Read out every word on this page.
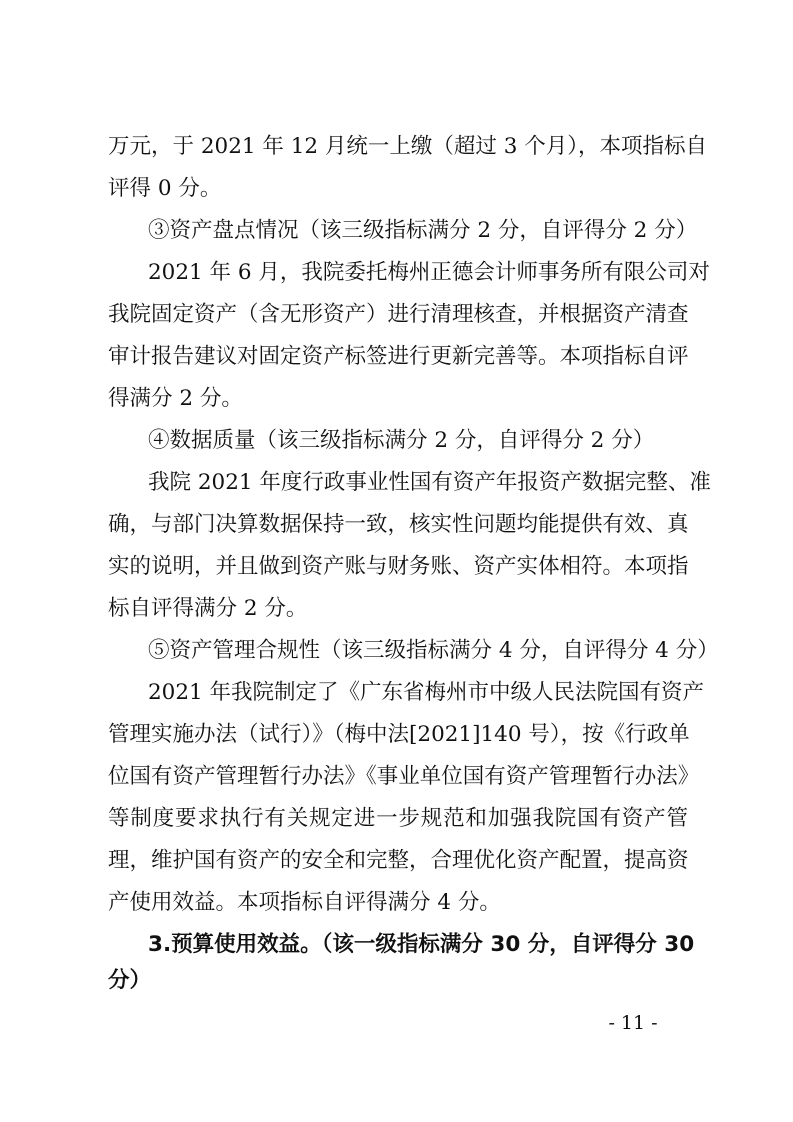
万元，于 2021 年 12 月统一上缴（超过 3 个月），本项指标自
评得 0 分。
③资产盘点情况（该三级指标满分 2 分，自评得分 2 分）
2021 年 6 月，我院委托梅州正德会计师事务所有限公司对
我院固定资产（含无形资产）进行清理核查，并根据资产清查
审计报告建议对固定资产标签进行更新完善等。本项指标自评
得满分 2 分。
④数据质量（该三级指标满分 2 分，自评得分 2 分）
我院 2021 年度行政事业性国有资产年报资产数据完整、准
确，与部门决算数据保持一致，核实性问题均能提供有效、真
实的说明，并且做到资产账与财务账、资产实体相符。本项指
标自评得满分 2 分。
⑤资产管理合规性（该三级指标满分 4 分，自评得分 4 分）
2021 年我院制定了《广东省梅州市中级人民法院国有资产
管理实施办法（试行）》（梅中法[2021]140 号），按《行政单
位国有资产管理暂行办法》《事业单位国有资产管理暂行办法》
等制度要求执行有关规定进一步规范和加强我院国有资产管
理，维护国有资产的安全和完整，合理优化资产配置，提高资
产使用效益。本项指标自评得满分 4 分。
3.预算使用效益。（该一级指标满分 30 分，自评得分 30
分）
- 11 -
